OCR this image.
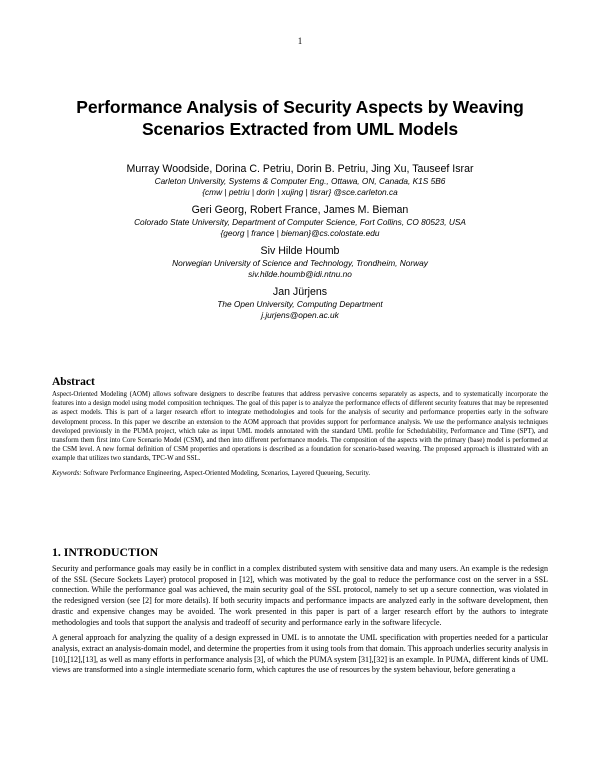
1
Performance Analysis of Security Aspects by Weaving
Scenarios Extracted from UML Models
Murray Woodside, Dorina C. Petriu, Dorin B. Petriu, Jing Xu, Tauseef Israr
Carleton University, Systems & Computer Eng., Ottawa, ON, Canada, K1S 5B6
{cmw | petriu | dorin | xujing | tisrar} @sce.carleton.ca
Geri Georg, Robert France, James M. Bieman
Colorado State University, Department of Computer Science, Fort Collins, CO 80523, USA
{georg | france | bieman}@cs.colostate.edu
Siv Hilde Houmb
Norwegian University of Science and Technology, Trondheim, Norway
siv.hilde.houmb@idi.ntnu.no
Jan Jürjens
The Open University, Computing Department
j.jurjens@open.ac.uk
Abstract

Aspect-Oriented Modeling (AOM) allows software designers to describe features that address pervasive concerns separately as aspects, and to systematically incorporate the features into a design model using model composition techniques. The goal of this paper is to analyze the performance effects of different security features that may be represented as aspect models. This is part of a larger research effort to integrate methodologies and tools for the analysis of security and performance properties early in the software development process. In this paper we describe an extension to the AOM approach that provides support for performance analysis. We use the performance analysis techniques developed previously in the PUMA project, which take as input UML models annotated with the standard UML profile for Schedulability, Performance and Time (SPT), and transform them first into Core Scenario Model (CSM), and then into different performance models. The composition of the aspects with the primary (base) model is performed at the CSM level. A new formal definition of CSM properties and operations is described as a foundation for scenario-based weaving. The proposed approach is illustrated with an example that utilizes two standards, TPC-W and SSL.

Keywords: Software Performance Engineering, Aspect-Oriented Modeling, Scenarios, Layered Queueing, Security.
1. INTRODUCTION

Security and performance goals may easily be in conflict in a complex distributed system with sensitive data and many users. An example is the redesign of the SSL (Secure Sockets Layer) protocol proposed in [12], which was motivated by the goal to reduce the performance cost on the server in a SSL connection. While the performance goal was achieved, the main security goal of the SSL protocol, namely to set up a secure connection, was violated in the redesigned version (see [2] for more details). If both security impacts and performance impacts are analyzed early in the software development, then drastic and expensive changes may be avoided. The work presented in this paper is part of a larger research effort by the authors to integrate methodologies and tools that support the analysis and tradeoff of security and performance early in the software lifecycle.

A general approach for analyzing the quality of a design expressed in UML is to annotate the UML specification with properties needed for a particular analysis, extract an analysis-domain model, and determine the properties from it using tools from that domain. This approach underlies security analysis in [10],[12],[13], as well as many efforts in performance analysis [3], of which the PUMA system [31],[32] is an example. In PUMA, different kinds of UML views are transformed into a single intermediate scenario form, which captures the use of resources by the system behaviour, before generating a
